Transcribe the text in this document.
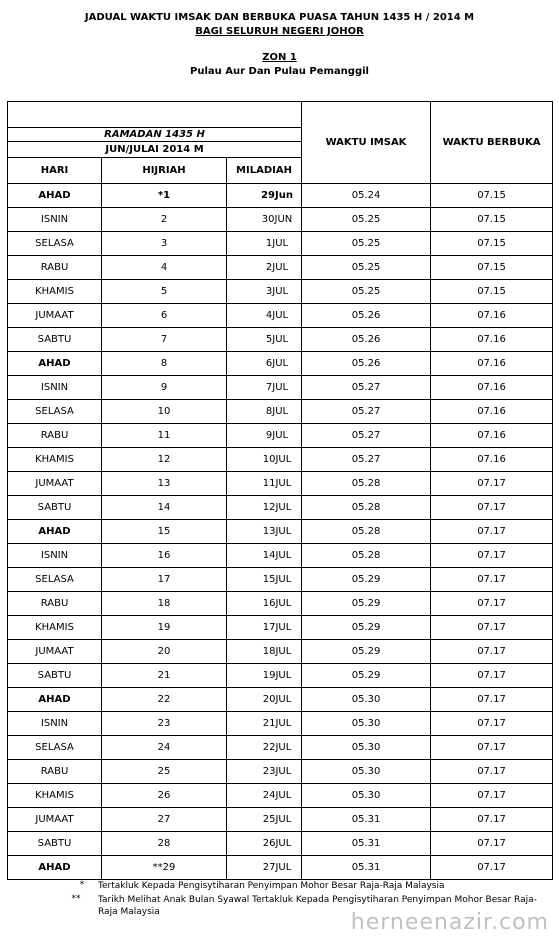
JADUAL WAKTU IMSAK DAN BERBUKA PUASA TAHUN 1435 H / 2014 M
BAGI SELURUH NEGERI JOHOR
ZON 1
Pulau Aur Dan Pulau Pemanggil
			WAKTU IMSAK	WAKTU BERBUKA
RAMADAN 1435 H				
JUN/JULAI 2014 M				
HARI	HIJRIAH	MILADIAH		
AHAD	*1	29Jun	05.24	07.15
ISNIN	2	30JUN	05.25	07.15
SELASA	3	1JUL	05.25	07.15
RABU	4	2JUL	05.25	07.15
KHAMIS	5	3JUL	05.25	07.15
JUMAAT	6	4JUL	05.26	07.16
SABTU	7	5JUL	05.26	07.16
AHAD	8	6JUL	05.26	07.16
ISNIN	9	7JUL	05.27	07.16
SELASA	10	8JUL	05.27	07.16
RABU	11	9JUL	05.27	07.16
KHAMIS	12	10JUL	05.27	07.16
JUMAAT	13	11JUL	05.28	07.17
SABTU	14	12JUL	05.28	07.17
AHAD	15	13JUL	05.28	07.17
ISNIN	16	14JUL	05.28	07.17
SELASA	17	15JUL	05.29	07.17
RABU	18	16JUL	05.29	07.17
KHAMIS	19	17JUL	05.29	07.17
JUMAAT	20	18JUL	05.29	07.17
SABTU	21	19JUL	05.29	07.17
AHAD	22	20JUL	05.30	07.17
ISNIN	23	21JUL	05.30	07.17
SELASA	24	22JUL	05.30	07.17
RABU	25	23JUL	05.30	07.17
KHAMIS	26	24JUL	05.30	07.17
JUMAAT	27	25JUL	05.31	07.17
SABTU	28	26JUL	05.31	07.17
AHAD	**29	27JUL	05.31	07.17
*	Tertakluk Kepada Pengisytiharan Penyimpan Mohor Besar Raja-Raja Malaysia
**	Tarikh Melihat Anak Bulan Syawal Tertakluk Kepada Pengisytiharan Penyimpan Mohor Besar Raja-Raja Malaysia	herneenazir.com
